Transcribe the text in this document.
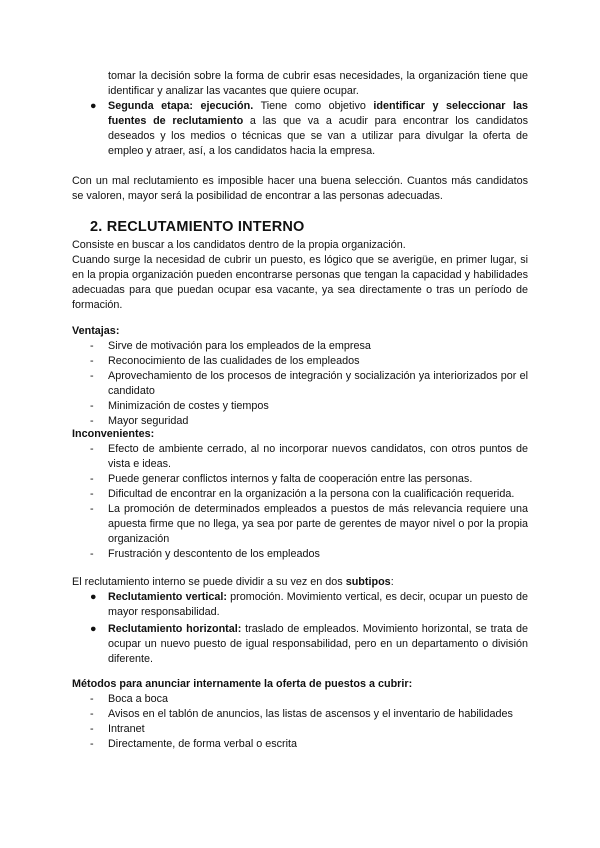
tomar la decisión sobre la forma de cubrir esas necesidades, la organización tiene que identificar y analizar las vacantes que quiere ocupar.
●	Segunda etapa: ejecución. Tiene como objetivo identificar y seleccionar las fuentes de reclutamiento a las que va a acudir para encontrar los candidatos deseados y los medios o técnicas que se van a utilizar para divulgar la oferta de empleo y atraer, así, a los candidatos hacia la empresa.
Con un mal reclutamiento es imposible hacer una buena selección. Cuantos más candidatos se valoren, mayor será la posibilidad de encontrar a las personas adecuadas.
2. RECLUTAMIENTO INTERNO
Consiste en buscar a los candidatos dentro de la propia organización.
Cuando surge la necesidad de cubrir un puesto, es lógico que se averigüe, en primer lugar, si en la propia organización pueden encontrarse personas que tengan la capacidad y habilidades adecuadas para que puedan ocupar esa vacante, ya sea directamente o tras un período de formación.
Ventajas:
- Sirve de motivación para los empleados de la empresa
- Reconocimiento de las cualidades de los empleados
- Aprovechamiento de los procesos de integración y socialización ya interiorizados por el candidato
- Minimización de costes y tiempos
- Mayor seguridad
Inconvenientes:
- Efecto de ambiente cerrado, al no incorporar nuevos candidatos, con otros puntos de vista e ideas.
- Puede generar conflictos internos y falta de cooperación entre las personas.
- Dificultad de encontrar en la organización a la persona con la cualificación requerida.
- La promoción de determinados empleados a puestos de más relevancia requiere una apuesta firme que no llega, ya sea por parte de gerentes de mayor nivel o por la propia organización
- Frustración y descontento de los empleados
El reclutamiento interno se puede dividir a su vez en dos subtipos:
●	Reclutamiento vertical: promoción. Movimiento vertical, es decir, ocupar un puesto de mayor responsabilidad.
●	Reclutamiento horizontal: traslado de empleados. Movimiento horizontal, se trata de ocupar un nuevo puesto de igual responsabilidad, pero en un departamento o división diferente.
Métodos para anunciar internamente la oferta de puestos a cubrir:
- Boca a boca
- Avisos en el tablón de anuncios, las listas de ascensos y el inventario de habilidades
- Intranet
- Directamente, de forma verbal o escrita
